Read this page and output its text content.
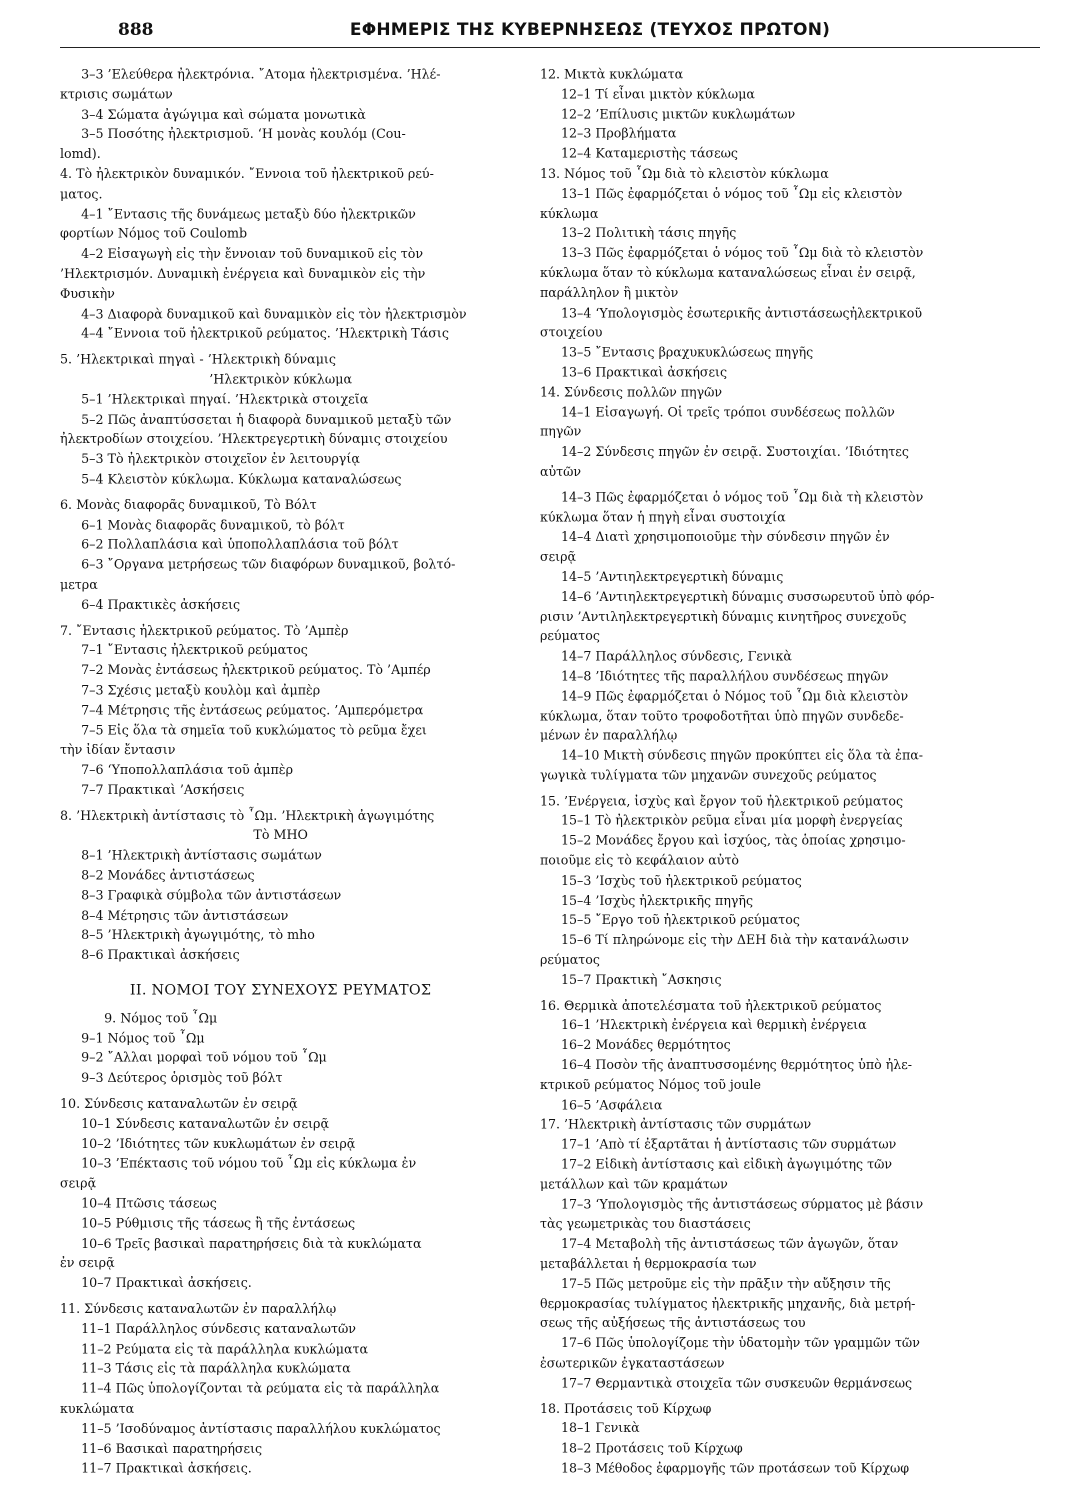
888	ΕΦΗΜΕΡΙΣ ΤΗΣ ΚΥΒΕΡΝΗΣΕΩΣ (ΤΕΥΧΟΣ ΠΡΩΤΟΝ)
3–3 ’Ελεύθερα ἠλεκτρόνια. ῎Ατομα ἠλεκτρισμένα. ’Ηλέ-
κτρισις σωμάτων
3–4 Σώματα ἀγώγιμα καὶ σώματα μονωτικὰ
3–5 Ποσότης ἠλεκτρισμοῦ. ‘Η μονὰς κουλόμ (Cou-
lomd).
4. Τὸ ἠλεκτρικὸν δυναμικόν. ῎Εννοια τοῦ ἠλεκτρικοῦ ρεύ-
ματος.
4–1 ῎Εντασις τῆς δυνάμεως μεταξὺ δύο ἠλεκτρικῶν
φορτίων Νόμος τοῦ Coulomb
4–2 Εἰσαγωγὴ εἰς τὴν ἔννοιαν τοῦ δυναμικοῦ εἰς τὸν
’Ηλεκτρισμόν. Δυναμικὴ ἐνέργεια καὶ δυναμικὸν εἰς τὴν
Φυσικὴν
4–3 Διαφορὰ δυναμικοῦ καὶ δυναμικὸν εἰς τὸν ἠλεκτρισμὸν
4–4 ῎Εννοια τοῦ ἠλεκτρικοῦ ρεύματος. ’Ηλεκτρικὴ Τάσις
5. ’Ηλεκτρικαὶ πηγαὶ - ’Ηλεκτρικὴ δύναμις
’Ηλεκτρικὸν κύκλωμα
5–1 ’Ηλεκτρικαὶ πηγαί. ’Ηλεκτρικὰ στοιχεῖα
5–2 Πῶς ἀναπτύσσεται ἡ διαφορὰ δυναμικοῦ μεταξὺ τῶν
ἠλεκτροδίων στοιχείου. ’Ηλεκτρεγερτικὴ δύναμις στοιχείου
5–3 Τὸ ἠλεκτρικὸν στοιχεῖον ἐν λειτουργίᾳ
5–4 Κλειστὸν κύκλωμα. Κύκλωμα καταναλώσεως
6. Μονὰς διαφορᾶς δυναμικοῦ, Τὸ Βόλτ
6–1 Μονὰς διαφορᾶς δυναμικοῦ, τὸ βόλτ
6–2 Πολλαπλάσια καὶ ὑποπολλαπλάσια τοῦ βόλτ
6–3 ῎Οργανα μετρήσεως τῶν διαφόρων δυναμικοῦ, βολτό-
μετρα
6–4 Πρακτικὲς ἀσκήσεις
7. ῎Εντασις ἠλεκτρικοῦ ρεύματος. Τὸ ’Αμπὲρ
7–1 ῎Εντασις ἠλεκτρικοῦ ρεύματος
7–2 Μονὰς ἐντάσεως ἠλεκτρικοῦ ρεύματος. Τὸ ’Αμπέρ
7–3 Σχέσις μεταξὺ κουλὸμ καὶ ἀμπὲρ
7–4 Μέτρησις τῆς ἐντάσεως ρεύματος. ’Αμπερόμετρα
7–5 Εἰς ὅλα τὰ σημεῖα τοῦ κυκλώματος τὸ ρεῦμα ἔχει
τὴν ἰδίαν ἔντασιν
7–6 ‘Υποπολλαπλάσια τοῦ ἀμπὲρ
7–7 Πρακτικαὶ ’Ασκήσεις
8. ’Ηλεκτρικὴ ἀντίστασις τὸ ῟Ωμ. ’Ηλεκτρικὴ ἀγωγιμότης
Τὸ ΜΗΟ
8–1 ’Ηλεκτρικὴ ἀντίστασις σωμάτων
8–2 Μονάδες ἀντιστάσεως
8–3 Γραφικὰ σύμβολα τῶν ἀντιστάσεων
8–4 Μέτρησις τῶν ἀντιστάσεων
8–5 ’Ηλεκτρικὴ ἀγωγιμότης, τὸ mho
8–6 Πρακτικαὶ ἀσκήσεις
ΙΙ. ΝΟΜΟΙ ΤΟΥ ΣΥΝΕΧΟΥΣ ΡΕΥΜΑΤΟΣ
9. Νόμος τοῦ ῟Ωμ
9–1 Νόμος τοῦ ῟Ωμ
9–2 ῎Αλλαι μορφαὶ τοῦ νόμου τοῦ ῟Ωμ
9–3 Δεύτερος ὁρισμὸς τοῦ βόλτ
10. Σύνδεσις καταναλωτῶν ἐν σειρᾷ
10–1 Σύνδεσις καταναλωτῶν ἐν σειρᾷ
10–2 ’Ιδιότητες τῶν κυκλωμάτων ἐν σειρᾷ
10–3 ’Επέκτασις τοῦ νόμου τοῦ ῟Ωμ εἰς κύκλωμα ἐν
σειρᾷ
10–4 Πτῶσις τάσεως
10–5 Ρύθμισις τῆς τάσεως ἢ τῆς ἐντάσεως
10–6 Τρεῖς βασικαὶ παρατηρήσεις διὰ τὰ κυκλώματα
ἐν σειρᾷ
10–7 Πρακτικαὶ ἀσκήσεις.
11. Σύνδεσις καταναλωτῶν ἐν παραλλήλῳ
11–1 Παράλληλος σύνδεσις καταναλωτῶν
11–2 Ρεύματα εἰς τὰ παράλληλα κυκλώματα
11–3 Τάσις εἰς τὰ παράλληλα κυκλώματα
11–4 Πῶς ὑπολογίζονται τὰ ρεύματα εἰς τὰ παράλληλα
κυκλώματα
11–5 ’Ισοδύναμος ἀντίστασις παραλλήλου κυκλώματος
11–6 Βασικαὶ παρατηρήσεις
11–7 Πρακτικαὶ ἀσκήσεις.
12. Μικτὰ κυκλώματα
12–1 Τί εἶναι μικτὸν κύκλωμα
12–2 ’Επίλυσις μικτῶν κυκλωμάτων
12–3 Προβλήματα
12–4 Καταμεριστὴς τάσεως
13. Νόμος τοῦ ῟Ωμ διὰ τὸ κλειστὸν κύκλωμα
13–1 Πῶς ἐφαρμόζεται ὁ νόμος τοῦ ῟Ωμ εἰς κλειστὸν
κύκλωμα
13–2 Πολιτικὴ τάσις πηγῆς
13–3 Πῶς ἐφαρμόζεται ὁ νόμος τοῦ ῟Ωμ διὰ τὸ κλειστὸν
κύκλωμα ὅταν τὸ κύκλωμα καταναλώσεως εἶναι ἐν σειρᾷ,
παράλληλον ἢ μικτὸν
13–4 ‘Υπολογισμὸς ἐσωτερικῆς ἀντιστάσεωςἠλεκτρικοῦ
στοιχείου
13–5 ῎Εντασις βραχυκυκλώσεως πηγῆς
13–6 Πρακτικαὶ ἀσκήσεις
14. Σύνδεσις πολλῶν πηγῶν
14–1 Εἰσαγωγή. Οἱ τρεῖς τρόποι συνδέσεως πολλῶν
πηγῶν
14–2 Σύνδεσις πηγῶν ἐν σειρᾷ. Συστοιχίαι. ’Ιδιότητες
αὐτῶν
14–3 Πῶς ἐφαρμόζεται ὁ νόμος τοῦ ῟Ωμ διὰ τὴ κλειστὸν
κύκλωμα ὅταν ἡ πηγὴ εἶναι συστοιχία
14–4 Διατὶ χρησιμοποιοῦμε τὴν σύνδεσιν πηγῶν ἐν
σειρᾷ
14–5 ’Αντιηλεκτρεγερτικὴ δύναμις
14–6 ’Αντιηλεκτρεγερτικὴ δύναμις συσσωρευτοῦ ὑπὸ φόρ-
ρισιν ’Αντιληλεκτρεγερτικὴ δύναμις κινητῆρος συνεχοῦς
ρεύματος
14–7 Παράλληλος σύνδεσις, Γενικὰ
14–8 ’Ιδιότητες τῆς παραλλήλου συνδέσεως πηγῶν
14–9 Πῶς ἐφαρμόζεται ὁ Νόμος τοῦ ῟Ωμ διὰ κλειστὸν
κύκλωμα, ὅταν τοῦτο τροφοδοτῆται ὑπὸ πηγῶν συνδεδε-
μένων ἐν παραλλήλῳ
14–10 Μικτὴ σύνδεσις πηγῶν προκύπτει εἰς ὅλα τὰ ἐπα-
γωγικὰ τυλίγματα τῶν μηχανῶν συνεχοῦς ρεύματος
15. ’Ενέργεια, ἰσχὺς καὶ ἔργον τοῦ ἠλεκτρικοῦ ρεύματος
15–1 Τὸ ἠλεκτρικὸν ρεῦμα εἶναι μία μορφὴ ἐνεργείας
15–2 Μονάδες ἔργου καὶ ἰσχύος, τὰς ὁποίας χρησιμο-
ποιοῦμε εἰς τὸ κεφάλαιον αὐτὸ
15–3 ’Ισχὺς τοῦ ἠλεκτρικοῦ ρεύματος
15–4 ’Ισχὺς ἠλεκτρικῆς πηγῆς
15–5 ῎Εργο τοῦ ἠλεκτρικοῦ ρεύματος
15–6 Τί πληρώνομε εἰς τὴν ΔΕΗ διὰ τὴν κατανάλωσιν
ρεύματος
15–7 Πρακτικὴ ῎Ασκησις
16. Θερμικὰ ἀποτελέσματα τοῦ ἠλεκτρικοῦ ρεύματος
16–1 ’Ηλεκτρικὴ ἐνέργεια καὶ θερμικὴ ἐνέργεια
16–2 Μονάδες θερμότητος
16–4 Ποσὸν τῆς ἀναπτυσσομένης θερμότητος ὑπὸ ἠλε-
κτρικοῦ ρεύματος Νόμος τοῦ joule
16–5 ’Ασφάλεια
17. ’Ηλεκτρικὴ ἀντίστασις τῶν συρμάτων
17–1 ’Απὸ τί ἐξαρτᾶται ἡ ἀντίστασις τῶν συρμάτων
17–2 Εἰδικὴ ἀντίστασις καὶ εἰδικὴ ἀγωγιμότης τῶν
μετάλλων καὶ τῶν κραμάτων
17–3 ‘Υπολογισμὸς τῆς ἀντιστάσεως σύρματος μὲ βάσιν
τὰς γεωμετρικὰς του διαστάσεις
17–4 Μεταβολὴ τῆς ἀντιστάσεως τῶν ἀγωγῶν, ὅταν
μεταβάλλεται ἡ θερμοκρασία των
17–5 Πῶς μετροῦμε εἰς τὴν πρᾶξιν τὴν αὔξησιν τῆς
θερμοκρασίας τυλίγματος ἠλεκτρικῆς μηχανῆς, διὰ μετρή-
σεως τῆς αὐξήσεως τῆς ἀντιστάσεως του
17–6 Πῶς ὑπολογίζομε τὴν ὑδατομὴν τῶν γραμμῶν τῶν
ἐσωτερικῶν ἐγκαταστάσεων
17–7 Θερμαντικὰ στοιχεῖα τῶν συσκευῶν θερμάνσεως
18. Προτάσεις τοῦ Κίρχωφ
18–1 Γενικὰ
18–2 Προτάσεις τοῦ Κίρχωφ
18–3 Μέθοδος ἐφαρμογῆς τῶν προτάσεων τοῦ Κίρχωφ
